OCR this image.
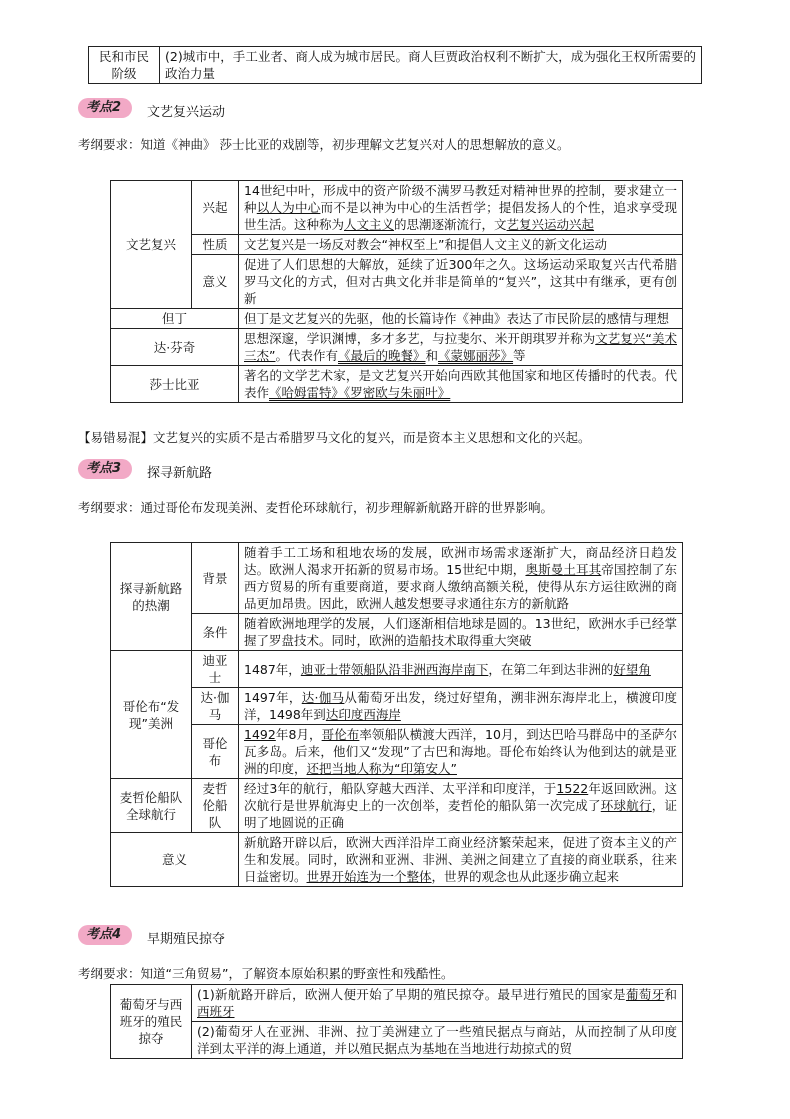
民和市民阶级	(2)城市中，手工业者、商人成为城市居民。商人巨贾政治权利不断扩大，成为强化王权所需要的政治力量
考点2	文艺复兴运动
考纲要求：知道《神曲》 莎士比亚的戏剧等，初步理解文艺复兴对人的思想解放的意义。
文艺复兴	兴起	14世纪中叶，形成中的资产阶级不满罗马教廷对精神世界的控制，要求建立一种以人为中心而不是以神为中心的生活哲学；提倡发扬人的个性，追求享受现世生活。这种称为人文主义的思潮逐渐流行，文艺复兴运动兴起
	性质	文艺复兴是一场反对教会“神权至上”和提倡人文主义的新文化运动
	意义	促进了人们思想的大解放，延续了近300年之久。这场运动采取复兴古代希腊罗马文化的方式，但对古典文化并非是简单的“复兴”，这其中有继承，更有创新
但丁		但丁是文艺复兴的先驱，他的长篇诗作《神曲》表达了市民阶层的感情与理想
达·芬奇		思想深邃，学识渊博，多才多艺，与拉斐尔、米开朗琪罗并称为文艺复兴“美术三杰”。代表作有《最后的晚餐》和《蒙娜丽莎》等
莎士比亚		著名的文学艺术家，是文艺复兴开始向西欧其他国家和地区传播时的代表。代表作《哈姆雷特》《罗密欧与朱丽叶》
【易错易混】文艺复兴的实质不是古希腊罗马文化的复兴，而是资本主义思想和文化的兴起。
考点3	探寻新航路
考纲要求：通过哥伦布发现美洲、麦哲伦环球航行，初步理解新航路开辟的世界影响。
探寻新航路的热潮	背景	随着手工工场和租地农场的发展，欧洲市场需求逐渐扩大，商品经济日趋发达。欧洲人渴求开拓新的贸易市场。15世纪中期，奥斯曼土耳其帝国控制了东西方贸易的所有重要商道，要求商人缴纳高额关税，使得从东方运往欧洲的商品更加昂贵。因此，欧洲人越发想要寻求通往东方的新航路
	条件	随着欧洲地理学的发展，人们逐渐相信地球是圆的。13世纪，欧洲水手已经掌握了罗盘技术。同时，欧洲的造船技术取得重大突破
哥伦布“发现”美洲	迪亚士	1487年，迪亚士带领船队沿非洲西海岸南下，在第二年到达非洲的好望角
	达·伽马	1497年，达·伽马从葡萄牙出发，绕过好望角，溯非洲东海岸北上，横渡印度洋，1498年到达印度西海岸
	哥伦布	1492年8月，哥伦布率领船队横渡大西洋，10月，到达巴哈马群岛中的圣萨尔瓦多岛。后来，他们又“发现”了古巴和海地。哥伦布始终认为他到达的就是亚洲的印度，还把当地人称为“印第安人”
麦哲伦船队全球航行	麦哲伦船队	经过3年的航行，船队穿越大西洋、太平洋和印度洋，于1522年返回欧洲。这次航行是世界航海史上的一次创举，麦哲伦的船队第一次完成了环球航行，证明了地圆说的正确
意义		新航路开辟以后，欧洲大西洋沿岸工商业经济繁荣起来，促进了资本主义的产生和发展。同时，欧洲和亚洲、非洲、美洲之间建立了直接的商业联系，往来日益密切。世界开始连为一个整体，世界的观念也从此逐步确立起来
考点4	早期殖民掠夺
考纲要求：知道“三角贸易”，了解资本原始积累的野蛮性和残酷性。
葡萄牙与西班牙的殖民掠夺	(1)新航路开辟后，欧洲人便开始了早期的殖民掠夺。最早进行殖民的国家是葡萄牙和西班牙
(2)葡萄牙人在亚洲、非洲、拉丁美洲建立了一些殖民据点与商站，从而控制了从印度洋到太平洋的海上通道，并以殖民据点为基地在当地进行劫掠式的贸
